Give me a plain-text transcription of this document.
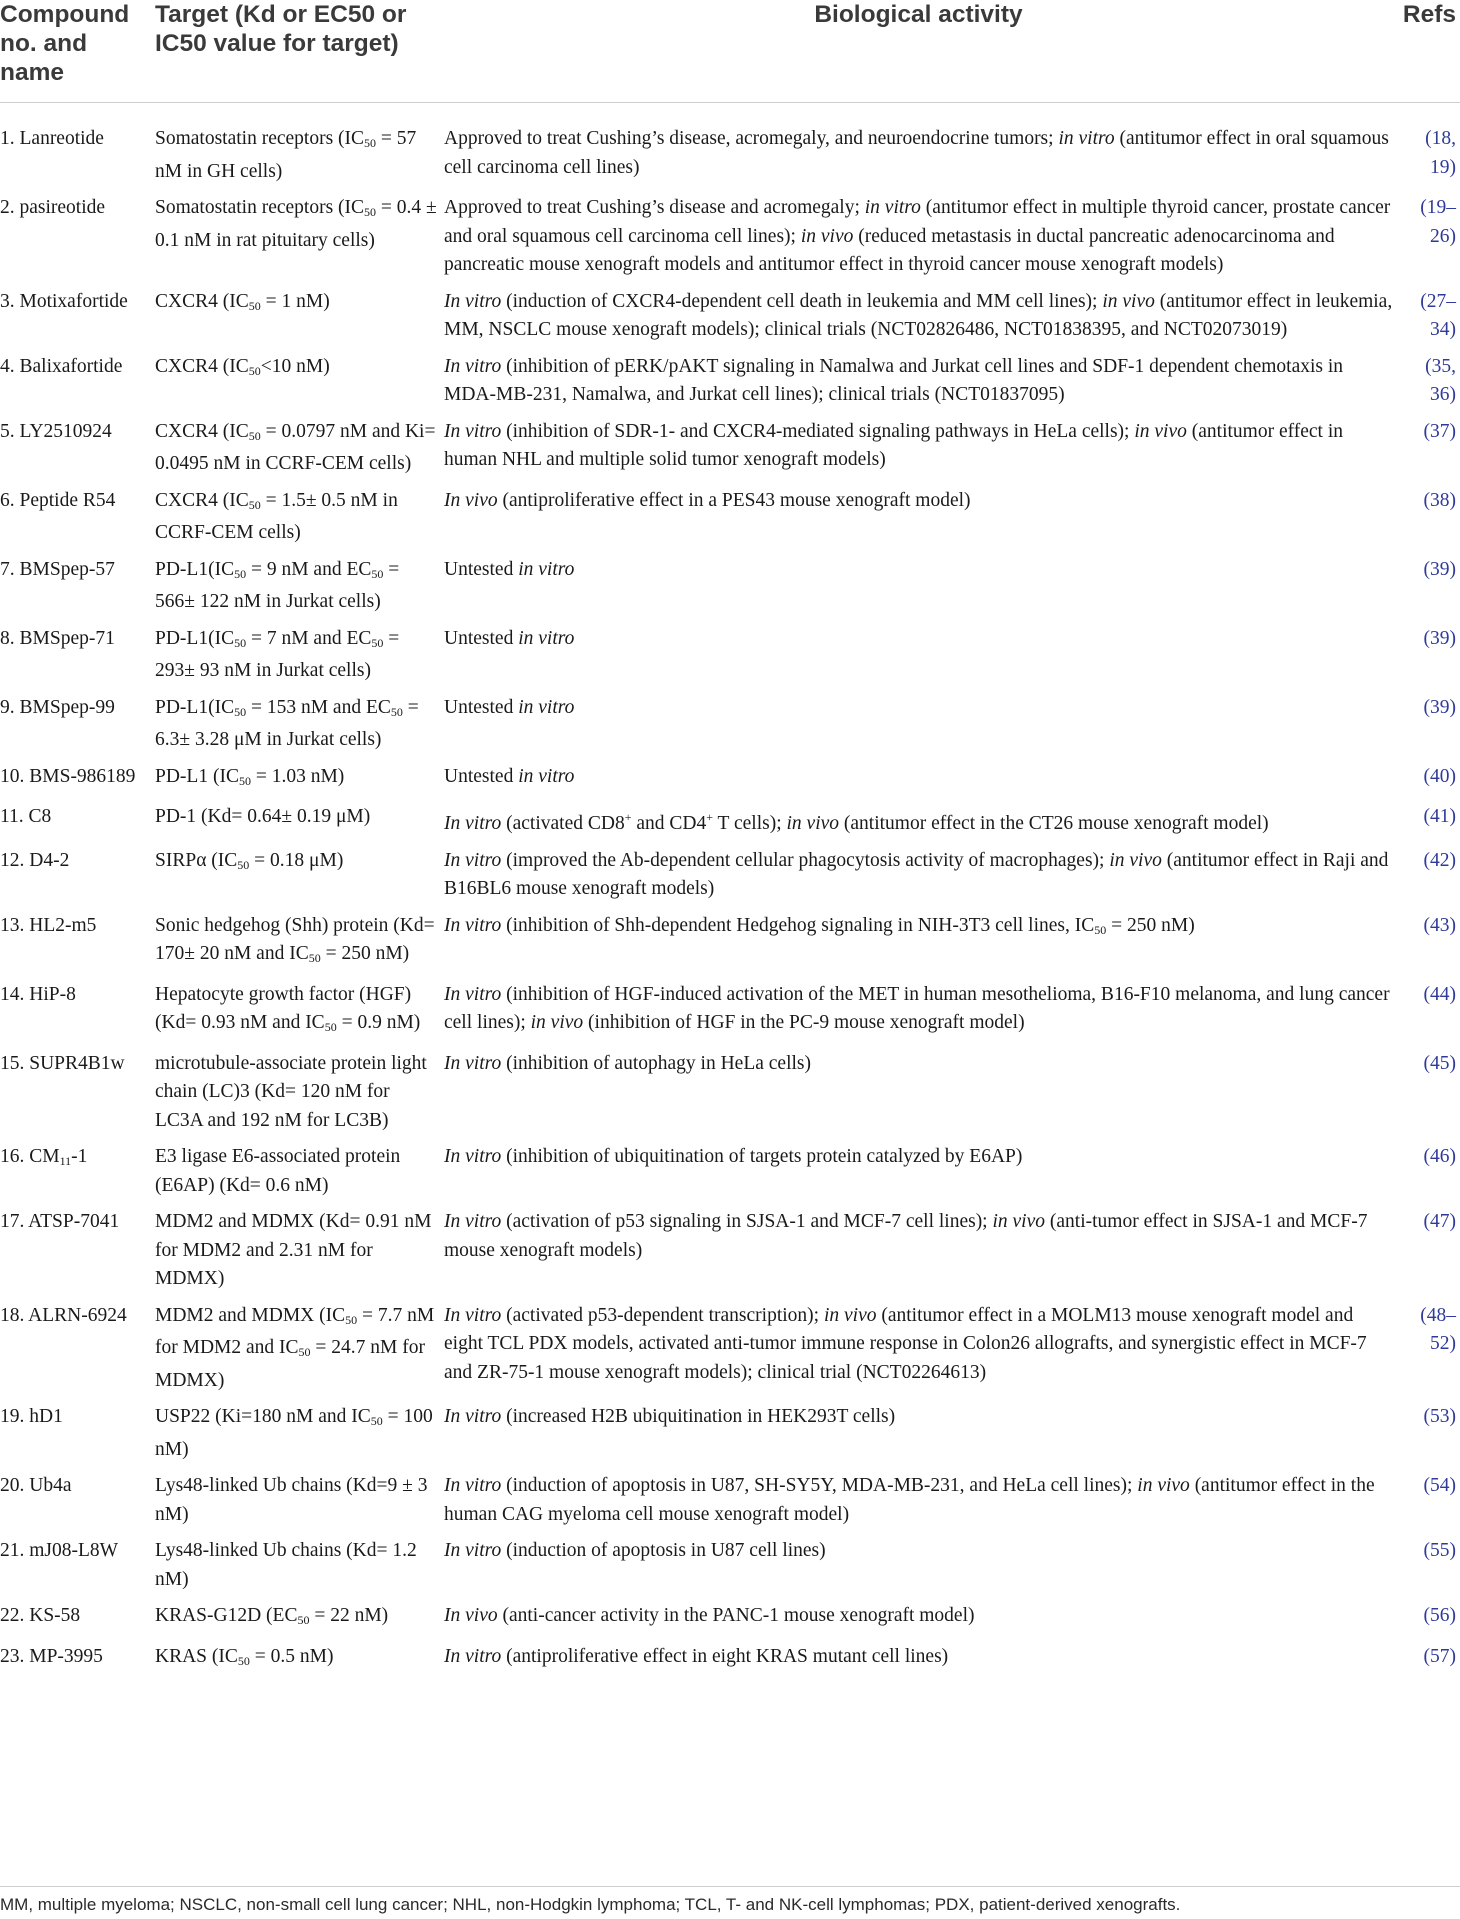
Compound no. and name	Target (Kd or EC50 or IC50 value for target)	Biological activity	Refs

1. Lanreotide	Somatostatin receptors ($IC_{50} = 57$ nM in GH cells)	Approved to treat Cushing’s disease, acromegaly, and neuroendocrine tumors; in vitro (antitumor effect in oral squamous cell carcinoma cell lines)	(18, 19)
2. pasireotide	Somatostatin receptors ($IC_{50} = 0.4 \pm 0.1$ nM in rat pituitary cells)	Approved to treat Cushing’s disease and acromegaly; in vitro (antitumor effect in multiple thyroid cancer, prostate cancer and oral squamous cell carcinoma cell lines); in vivo (reduced metastasis in ductal pancreatic adenocarcinoma and pancreatic mouse xenograft models and antitumor effect in thyroid cancer mouse xenograft models)	(19–26)
3. Motixafortide	CXCR4 ($IC_{50} = 1$ nM)	In vitro (induction of CXCR4-dependent cell death in leukemia and MM cell lines); in vivo (antitumor effect in leukemia, MM, NSCLC mouse xenograft models); clinical trials (NCT02826486, NCT01838395, and NCT02073019)	(27–34)
4. Balixafortide	CXCR4 ($IC_{50}<10$ nM)	In vitro (inhibition of pERK/pAKT signaling in Namalwa and Jurkat cell lines and SDF-1 dependent chemotaxis in MDA-MB-231, Namalwa, and Jurkat cell lines); clinical trials (NCT01837095)	(35, 36)
5. LY2510924	CXCR4 ($IC_{50} = 0.0797$ nM and Ki= 0.0495 nM in CCRF-CEM cells)	In vitro (inhibition of SDR-1- and CXCR4-mediated signaling pathways in HeLa cells); in vivo (antitumor effect in human NHL and multiple solid tumor xenograft models)	(37)
6. Peptide R54	CXCR4 ($IC_{50} = 1.5\pm 0.5$ nM in CCRF-CEM cells)	In vivo (antiproliferative effect in a PES43 mouse xenograft model)	(38)
7. BMSpep-57	$PD-L1(IC_{50} = 9$ nM and $EC_{50} = 566\pm 122$ nM in Jurkat cells)	Untested in vitro	(39)
8. BMSpep-71	$PD-L1(IC_{50} = 7$ nM and $EC_{50} = 293\pm 93$ nM in Jurkat cells)	Untested in vitro	(39)
9. BMSpep-99	$PD-L1(IC_{50} = 153$ nM and $EC_{50} = 6.3\pm 3.28$ μM in Jurkat cells)	Untested in vitro	(39)
10. BMS-986189	PD-L1 ($IC_{50} = 1.03$ nM)	Untested in vitro	(40)
11. C8	PD-1 (Kd= 0.64± 0.19 μM)	In vitro (activated CD8+ and CD4+ T cells); in vivo (antitumor effect in the CT26 mouse xenograft model)	(41)
12. D4-2	SIRPα ($IC_{50} = 0.18$ μM)	In vitro (improved the Ab-dependent cellular phagocytosis activity of macrophages); in vivo (antitumor effect in Raji and B16BL6 mouse xenograft models)	(42)
13. HL2-m5	Sonic hedgehog (Shh) protein (Kd= 170± 20 nM and $IC_{50} = 250$ nM)	In vitro (inhibition of Shh-dependent Hedgehog signaling in NIH-3T3 cell lines, $IC_{50} = 250$ nM)	(43)
14. HiP-8	Hepatocyte growth factor (HGF) (Kd= 0.93 nM and $IC_{50} = 0.9$ nM)	In vitro (inhibition of HGF-induced activation of the MET in human mesothelioma, B16-F10 melanoma, and lung cancer cell lines); in vivo (inhibition of HGF in the PC-9 mouse xenograft model)	(44)
15. SUPR4B1w	microtubule-associate protein light chain (LC)3 (Kd= 120 nM for LC3A and 192 nM for LC3B)	In vitro (inhibition of autophagy in HeLa cells)	(45)
16. $CM_{11}-1$	E3 ligase E6-associated protein (E6AP) (Kd= 0.6 nM)	In vitro (inhibition of ubiquitination of targets protein catalyzed by E6AP)	(46)
17. ATSP-7041	MDM2 and MDMX (Kd= 0.91 nM for MDM2 and 2.31 nM for MDMX)	In vitro (activation of p53 signaling in SJSA-1 and MCF-7 cell lines); in vivo (anti-tumor effect in SJSA-1 and MCF-7 mouse xenograft models)	(47)
18. ALRN-6924	MDM2 and MDMX ($IC_{50} = 7.7$ nM for MDM2 and $IC_{50} = 24.7$ nM for MDMX)	In vitro (activated p53-dependent transcription); in vivo (antitumor effect in a MOLM13 mouse xenograft model and eight TCL PDX models, activated anti-tumor immune response in Colon26 allografts, and synergistic effect in MCF-7 and ZR-75-1 mouse xenograft models); clinical trial (NCT02264613)	(48–52)
19. hD1	USP22 (Ki=180 nM and $IC_{50} = 100$ nM)	In vitro (increased H2B ubiquitination in HEK293T cells)	(53)
20. Ub4a	Lys48-linked Ub chains (Kd=9 ± 3 nM)	In vitro (induction of apoptosis in U87, SH-SY5Y, MDA-MB-231, and HeLa cell lines); in vivo (antitumor effect in the human CAG myeloma cell mouse xenograft model)	(54)
21. mJ08-L8W	Lys48-linked Ub chains (Kd= 1.2 nM)	In vitro (induction of apoptosis in U87 cell lines)	(55)
22. KS-58	KRAS-G12D ($EC_{50} = 22$ nM)	In vivo (anti-cancer activity in the PANC-1 mouse xenograft model)	(56)
23. MP-3995	KRAS ($IC_{50} = 0.5$ nM)	In vitro (antiproliferative effect in eight KRAS mutant cell lines)	(57)
MM, multiple myeloma; NSCLC, non-small cell lung cancer; NHL, non-Hodgkin lymphoma; TCL, T- and NK-cell lymphomas; PDX, patient-derived xenografts.
